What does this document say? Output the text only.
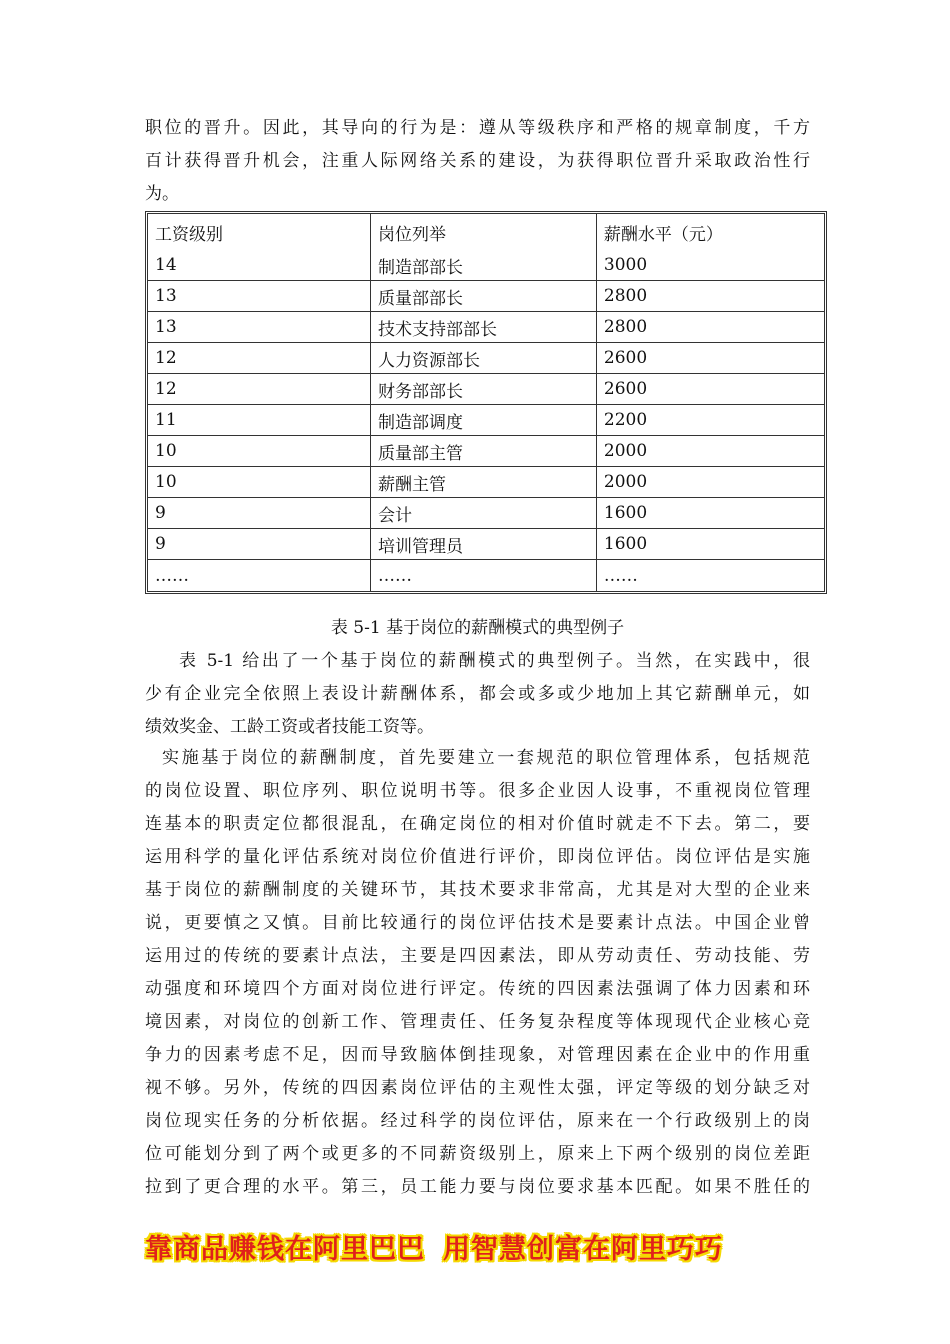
职位的晋升。因此，其导向的行为是：遵从等级秩序和严格的规章制度，千方
百计获得晋升机会，注重人际网络关系的建设，为获得职位晋升采取政治性行
为。

工资级别	岗位列举	薪酬水平（元）
14	制造部部长	3000
13	质量部部长	2800
13	技术支持部部长	2800
12	人力资源部长	2600
12	财务部部长	2600
11	制造部调度	2200
10	质量部主管	2000
10	薪酬主管	2000
9	会计	1600
9	培训管理员	1600
……	……	……
表 5-1 基于岗位的薪酬模式的典型例子

表 5-1 给出了一个基于岗位的薪酬模式的典型例子。当然，在实践中，很
少有企业完全依照上表设计薪酬体系，都会或多或少地加上其它薪酬单元，如
绩效奖金、工龄工资或者技能工资等。

实施基于岗位的薪酬制度，首先要建立一套规范的职位管理体系，包括规范
的岗位设置、职位序列、职位说明书等。很多企业因人设事，不重视岗位管理
连基本的职责定位都很混乱，在确定岗位的相对价值时就走不下去。第二，要
运用科学的量化评估系统对岗位价值进行评价，即岗位评估。岗位评估是实施
基于岗位的薪酬制度的关键环节，其技术要求非常高，尤其是对大型的企业来
说，更要慎之又慎。目前比较通行的岗位评估技术是要素计点法。中国企业曾
运用过的传统的要素计点法，主要是四因素法，即从劳动责任、劳动技能、劳
动强度和环境四个方面对岗位进行评定。传统的四因素法强调了体力因素和环
境因素，对岗位的创新工作、管理责任、任务复杂程度等体现现代企业核心竞
争力的因素考虑不足，因而导致脑体倒挂现象，对管理因素在企业中的作用重
视不够。另外，传统的四因素岗位评估的主观性太强，评定等级的划分缺乏对
岗位现实任务的分析依据。经过科学的岗位评估，原来在一个行政级别上的岗
位可能划分到了两个或更多的不同薪资级别上，原来上下两个级别的岗位差距
拉到了更合理的水平。第三，员工能力要与岗位要求基本匹配。如果不胜任的

靠商品赚钱在阿里巴巴 用智慧创富在阿里巧巧
